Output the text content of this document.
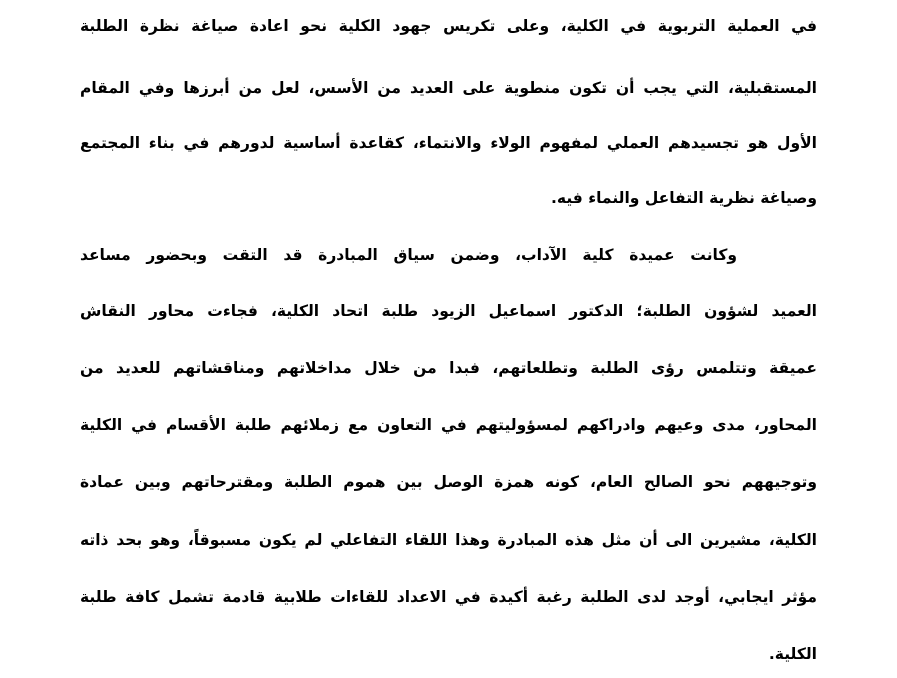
في العملية التربوية في الكلية، وعلى تكريس جهود الكلية نحو اعادة صياغة نظرة الطلبة
المستقبلية، التي يجب أن تكون منطوية على العديد من الأسس، لعل من أبرزها وفي المقام
الأول هو تجسيدهم العملي لمفهوم الولاء والانتماء، كقاعدة أساسية لدورهم في بناء المجتمع
وصياغة نظرية التفاعل والنماء فيه.
وكانت عميدة كلية الآداب، وضمن سياق المبادرة قد التقت وبحضور مساعد
العميد لشؤون الطلبة؛ الدكتور اسماعيل الزيود طلبة اتحاد الكلية، فجاءت محاور النقاش
عميقة وتتلمس رؤى الطلبة وتطلعاتهم، فبدا من خلال مداخلاتهم ومناقشاتهم للعديد من
المحاور، مدى وعيهم وادراكهم لمسؤوليتهم في التعاون مع زملائهم طلبة الأقسام في الكلية
وتوجيههم نحو الصالح العام، كونه همزة الوصل بين هموم الطلبة ومقترحاتهم وبين عمادة
الكلية، مشيرين الى أن مثل هذه المبادرة وهذا اللقاء التفاعلي لم يكون مسبوقاً، وهو بحد ذاته
مؤثر ايجابي، أوجد لدى الطلبة رغبة أكيدة في الاعداد للقاءات طلابية قادمة تشمل كافة طلبة
الكلية.
